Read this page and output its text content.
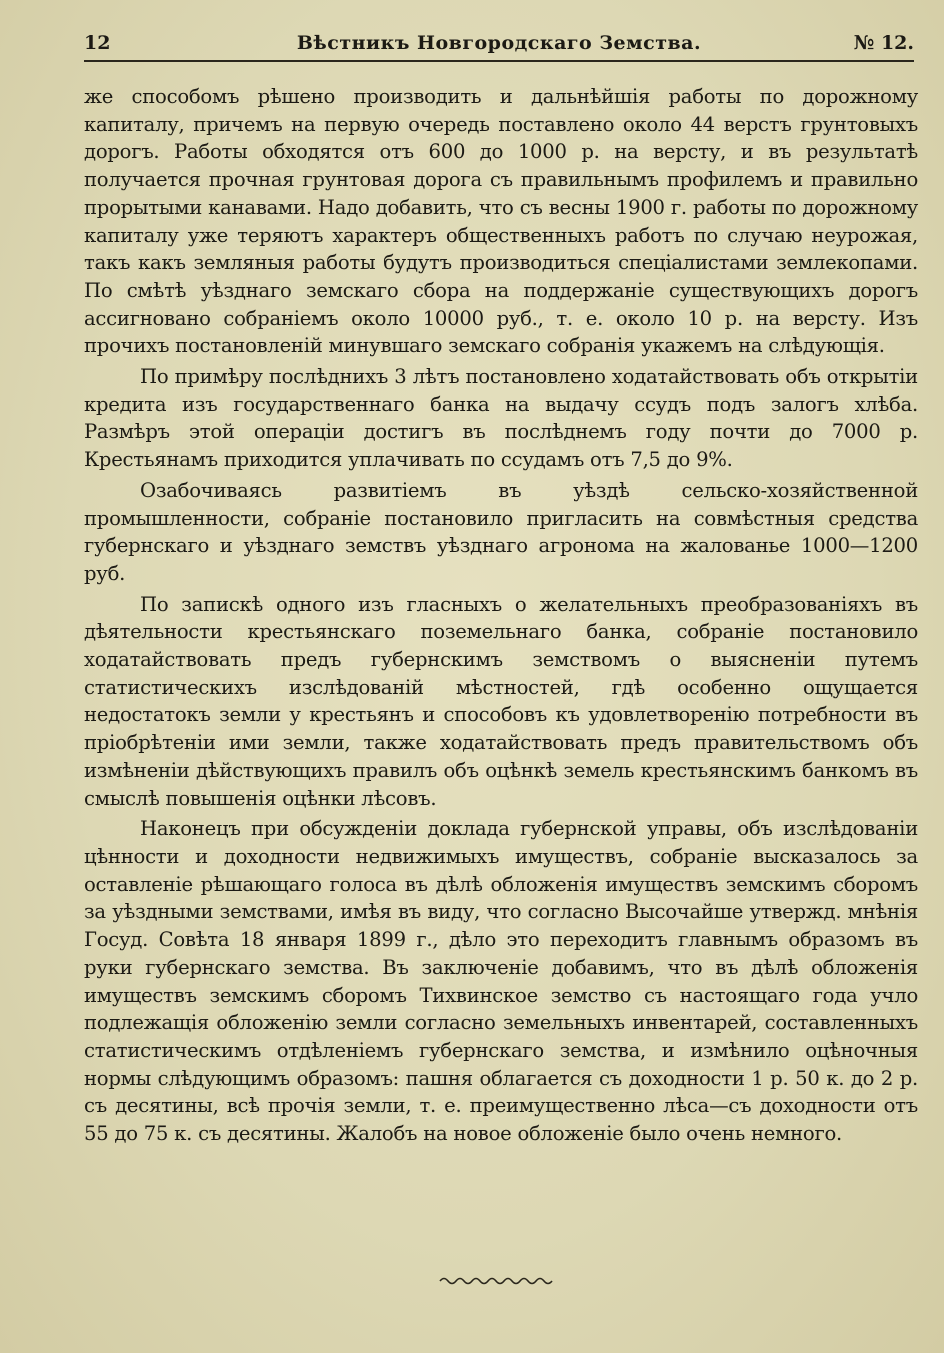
12	Вѣстникъ Новгородскаго Земства.	№ 12.

же способомъ рѣшено производить и дальнѣйшія работы по дорожному капиталу, причемъ на первую очередь поставлено около 44 верстъ грунтовыхъ дорогъ. Работы обходятся отъ 600 до 1000 р. на версту, и въ результатѣ получается прочная грунтовая дорога съ правильнымъ профилемъ и правильно прорытыми канавами. Надо добавить, что съ весны 1900 г. работы по дорожному капиталу уже теряютъ характеръ общественныхъ работъ по случаю неурожая, такъ какъ земляныя работы будутъ производиться спеціалистами землекопами. По смѣтѣ уѣзднаго земскаго сбора на поддержаніе существующихъ дорогъ ассигновано собраніемъ около 10000 руб., т. е. около 10 р. на версту. Изъ прочихъ постановленій минувшаго земскаго собранія укажемъ на слѣдующія.

По примѣру послѣднихъ 3 лѣтъ постановлено ходатайствовать объ открытіи кредита изъ государственнаго банка на выдачу ссудъ подъ залогъ хлѣба. Размѣръ этой операціи достигъ въ послѣднемъ году почти до 7000 р. Крестьянамъ приходится уплачивать по ссудамъ отъ 7,5 до 9%.

Озабочиваясь развитіемъ въ уѣздѣ сельско-хозяйственной промышленности, собраніе постановило пригласить на совмѣстныя средства губернскаго и уѣзднаго земствъ уѣзднаго агронома на жалованье 1000—1200 руб.

По запискѣ одного изъ гласныхъ о желательныхъ преобразованіяхъ въ дѣятельности крестьянскаго поземельнаго банка, собраніе постановило ходатайствовать предъ губернскимъ земствомъ о выясненіи путемъ статистическихъ изслѣдованій мѣстностей, гдѣ особенно ощущается недостатокъ земли у крестьянъ и способовъ къ удовлетворенію потребности въ пріобрѣтеніи ими земли, также ходатайствовать предъ правительствомъ объ измѣненіи дѣйствующихъ правилъ объ оцѣнкѣ земель крестьянскимъ банкомъ въ смыслѣ повышенія оцѣнки лѣсовъ.

Наконецъ при обсужденіи доклада губернской управы, объ изслѣдованіи цѣнности и доходности недвижимыхъ имуществъ, собраніе высказалось за оставленіе рѣшающаго голоса въ дѣлѣ обложенія имуществъ земскимъ сборомъ за уѣздными земствами, имѣя въ виду, что согласно Высочайше утвержд. мнѣнія Госуд. Совѣта 18 января 1899 г., дѣло это переходитъ главнымъ образомъ въ руки губернскаго земства. Въ заключеніе добавимъ, что въ дѣлѣ обложенія имуществъ земскимъ сборомъ Тихвинское земство съ настоящаго года учло подлежащія обложенію земли согласно земельныхъ инвентарей, составленныхъ статистическимъ отдѣленіемъ губернскаго земства, и измѣнило оцѣночныя нормы слѣдующимъ образомъ: пашня облагается съ доходности 1 р. 50 к. до 2 р. съ десятины, всѣ прочія земли, т. е. преимущественно лѣса—съ доходности отъ 55 до 75 к. съ десятины. Жалобъ на новое обложеніе было очень немного.
